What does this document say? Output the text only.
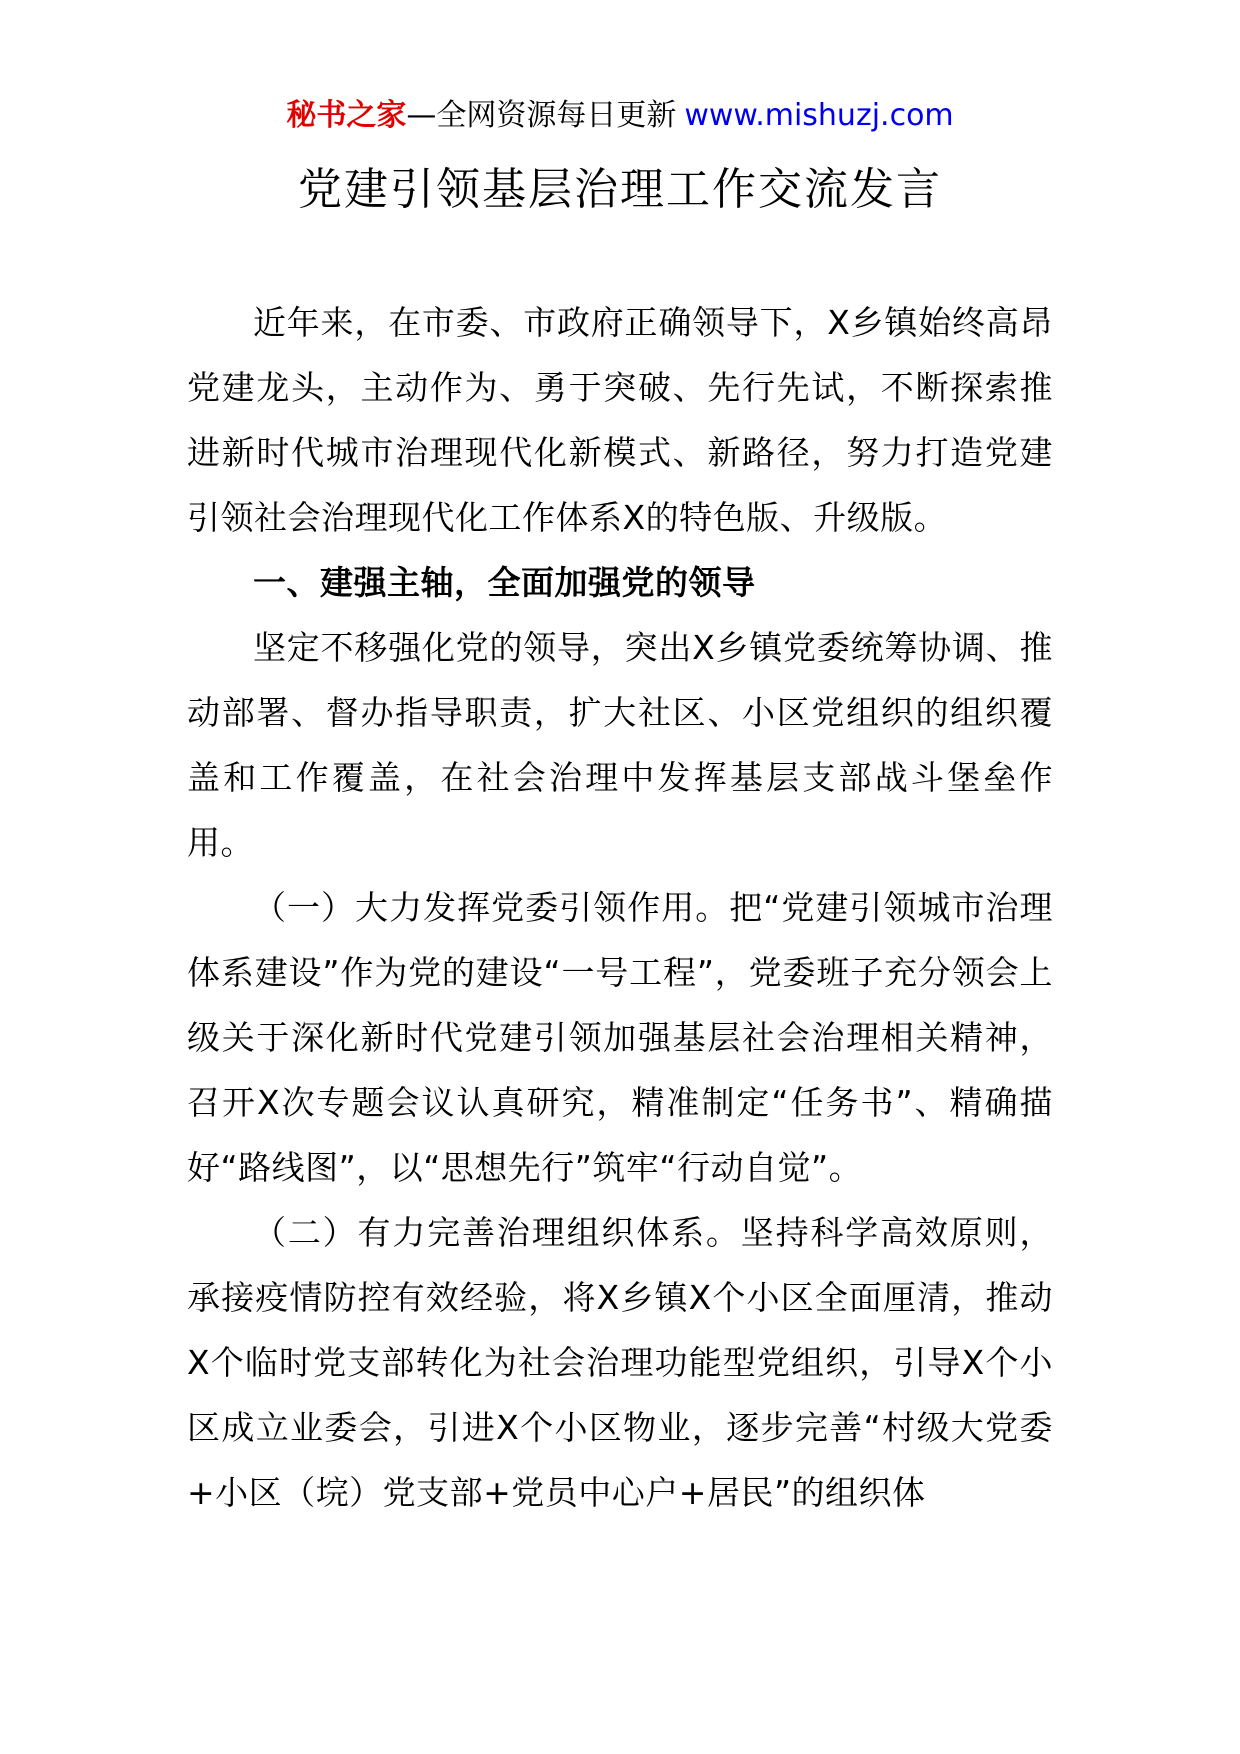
秘书之家—全网资源每日更新 www.mishuzj.com
党建引领基层治理工作交流发言

近年来，在市委、市政府正确领导下，X乡镇始终高昂党建龙头，主动作为、勇于突破、先行先试，不断探索推进新时代城市治理现代化新模式、新路径，努力打造党建引领社会治理现代化工作体系X的特色版、升级版。

一、建强主轴，全面加强党的领导

坚定不移强化党的领导，突出X乡镇党委统筹协调、推动部署、督办指导职责，扩大社区、小区党组织的组织覆盖和工作覆盖，在社会治理中发挥基层支部战斗堡垒作用。

（一）大力发挥党委引领作用。把“党建引领城市治理体系建设”作为党的建设“一号工程”，党委班子充分领会上级关于深化新时代党建引领加强基层社会治理相关精神，召开X次专题会议认真研究，精准制定“任务书”、精确描好“路线图”，以“思想先行”筑牢“行动自觉”。

（二）有力完善治理组织体系。坚持科学高效原则，承接疫情防控有效经验，将X乡镇X个小区全面厘清，推动X个临时党支部转化为社会治理功能型党组织，引导X个小区成立业委会，引进X个小区物业，逐步完善“村级大党委+小区（垸）党支部+党员中心户+居民”的组织体
